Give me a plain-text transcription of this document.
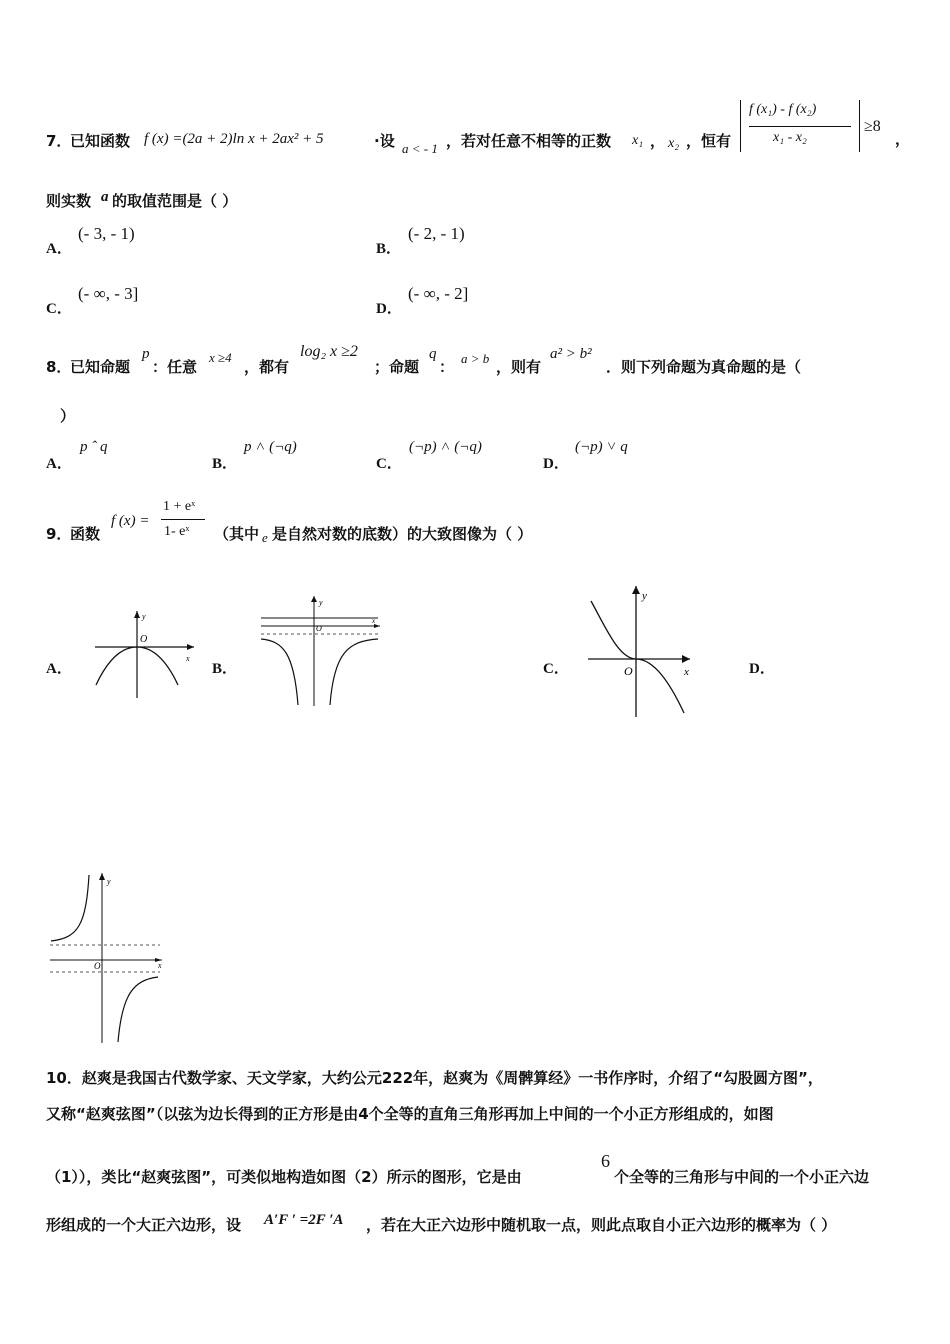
7．
已知函数 f (x) =(2a + 2)ln x + 2ax² + 5	·设 a < - 1 ，若对任意不相等的正数 x₁ ， x₂ ，恒有
f (x₁) - f (x₂)
x₁ - x₂
≥8
，
则实数 a 的取值范围是（ ）
A．
(- 3, - 1)
B．
(- 2, - 1)
C．
(- ∞, - 3]
D．
(- ∞, - 2]
8．
已知命题
p
：任意
x ≥4
，都有
log₂ x ≥2
；命题
q
： a > b ，则有
a² > b²
．则下列命题为真命题的是（
）
A．
p ˆ q
B．
p ˄ (¬q)
C．
(¬p) ˄ (¬q)
D．
(¬p) ˅ q
9．
函数
f (x) =
1 + eˣ
1- eˣ （其中 e 是自然对数的底数）的大致图像为（ ）
A．	B．	C．	D．
y
x
O
y
x
O
y
x
O
y
x
O
10．赵爽是我国古代数学家、天文学家，大约公元222年，赵爽为《周髀算经》一书作序时，介绍了“勾股圆方图”，
又称“赵爽弦图”（以弦为边长得到的正方形是由4个全等的直角三角形再加上中间的一个小正方形组成的，如图
（1）），类比“赵爽弦图”，可类似地构造如图（2）所示的图形，它是由
6
个全等的三角形与中间的一个小正六边
形组成的一个大正六边形，设 A′F ′ =2F ′A ，若在大正六边形中随机取一点，则此点取自小正六边形的概率为（ ）
